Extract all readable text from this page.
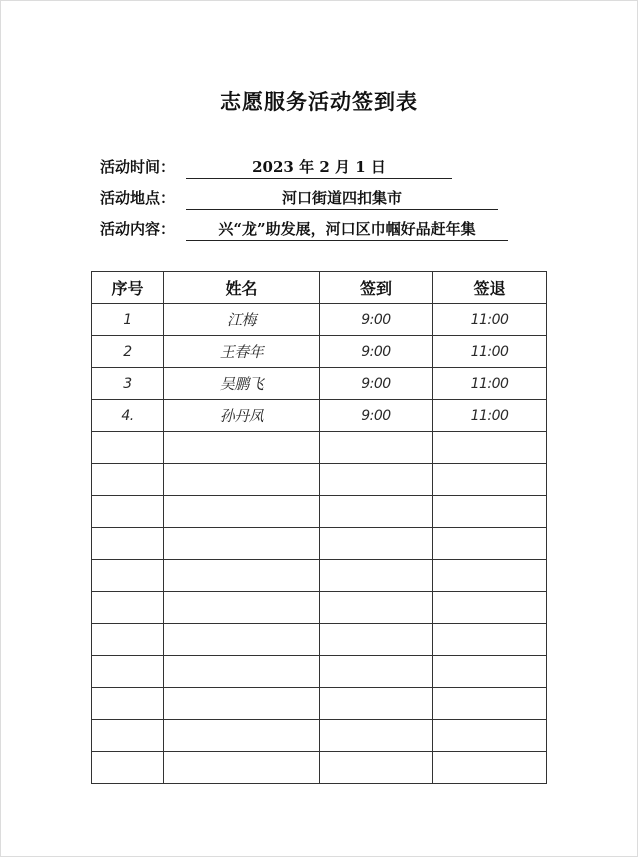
志愿服务活动签到表
活动时间：	2023 年 2 月 1 日
活动地点：	河口街道四扣集市
活动内容：	兴“龙”助发展，河口区巾帼好品赶年集
序号	姓名	签到	签退
1	江梅	9:00	11:00
2	王春年	9:00	11:00
3	吴鹏飞	9:00	11:00
4.	孙丹凤	9:00	11:00
